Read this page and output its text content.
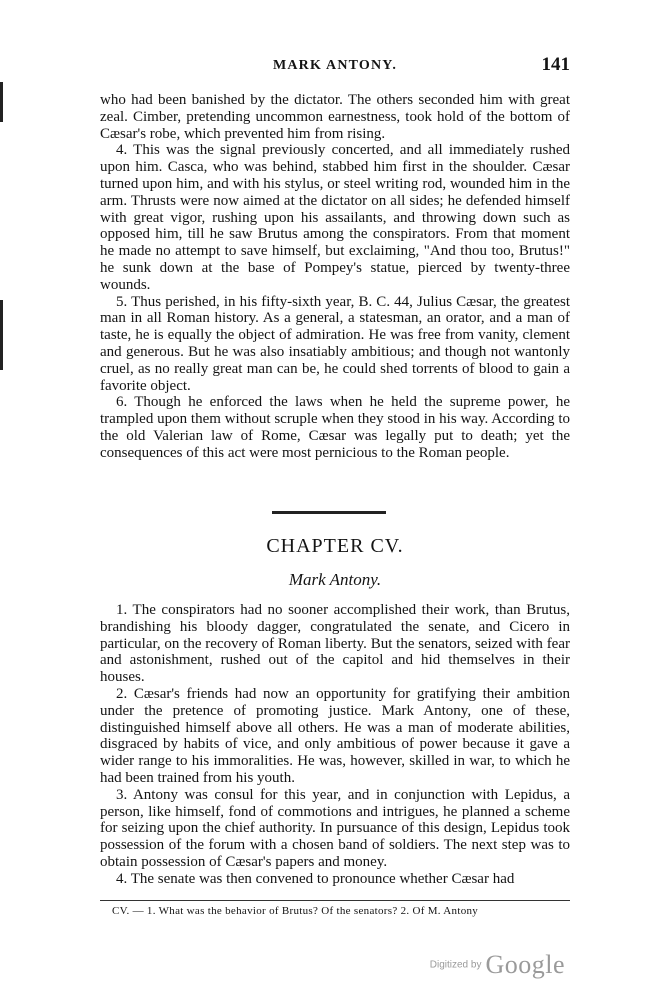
MARK ANTONY.	141

who had been banished by the dictator. The others seconded him with great zeal. Cimber, pretending uncommon earnestness, took hold of the bottom of Cæsar's robe, which prevented him from rising.

4. This was the signal previously concerted, and all immediately rushed upon him. Casca, who was behind, stabbed him first in the shoulder. Cæsar turned upon him, and with his stylus, or steel writing rod, wounded him in the arm. Thrusts were now aimed at the dictator on all sides; he defended himself with great vigor, rushing upon his assailants, and throwing down such as opposed him, till he saw Brutus among the conspirators. From that moment he made no attempt to save himself, but exclaiming, "And thou too, Brutus!" he sunk down at the base of Pompey's statue, pierced by twenty-three wounds.

5. Thus perished, in his fifty-sixth year, B. C. 44, Julius Cæsar, the greatest man in all Roman history. As a general, a statesman, an orator, and a man of taste, he is equally the object of admiration. He was free from vanity, clement and generous. But he was also insatiably ambitious; and though not wantonly cruel, as no really great man can be, he could shed torrents of blood to gain a favorite object.

6. Though he enforced the laws when he held the supreme power, he trampled upon them without scruple when they stood in his way. According to the old Valerian law of Rome, Cæsar was legally put to death; yet the consequences of this act were most pernicious to the Roman people.

CHAPTER CV.
Mark Antony.

1. The conspirators had no sooner accomplished their work, than Brutus, brandishing his bloody dagger, congratulated the senate, and Cicero in particular, on the recovery of Roman liberty. But the senators, seized with fear and astonishment, rushed out of the capitol and hid themselves in their houses.

2. Cæsar's friends had now an opportunity for gratifying their ambition under the pretence of promoting justice. Mark Antony, one of these, distinguished himself above all others. He was a man of moderate abilities, disgraced by habits of vice, and only ambitious of power because it gave a wider range to his immoralities. He was, however, skilled in war, to which he had been trained from his youth.

3. Antony was consul for this year, and in conjunction with Lepidus, a person, like himself, fond of commotions and intrigues, he planned a scheme for seizing upon the chief authority. In pursuance of this design, Lepidus took possession of the forum with a chosen band of soldiers. The next step was to obtain possession of Cæsar's papers and money.

4. The senate was then convened to pronounce whether Cæsar had

CV. — 1. What was the behavior of Brutus? Of the senators? 2. Of M. Antony
Digitized by Google
